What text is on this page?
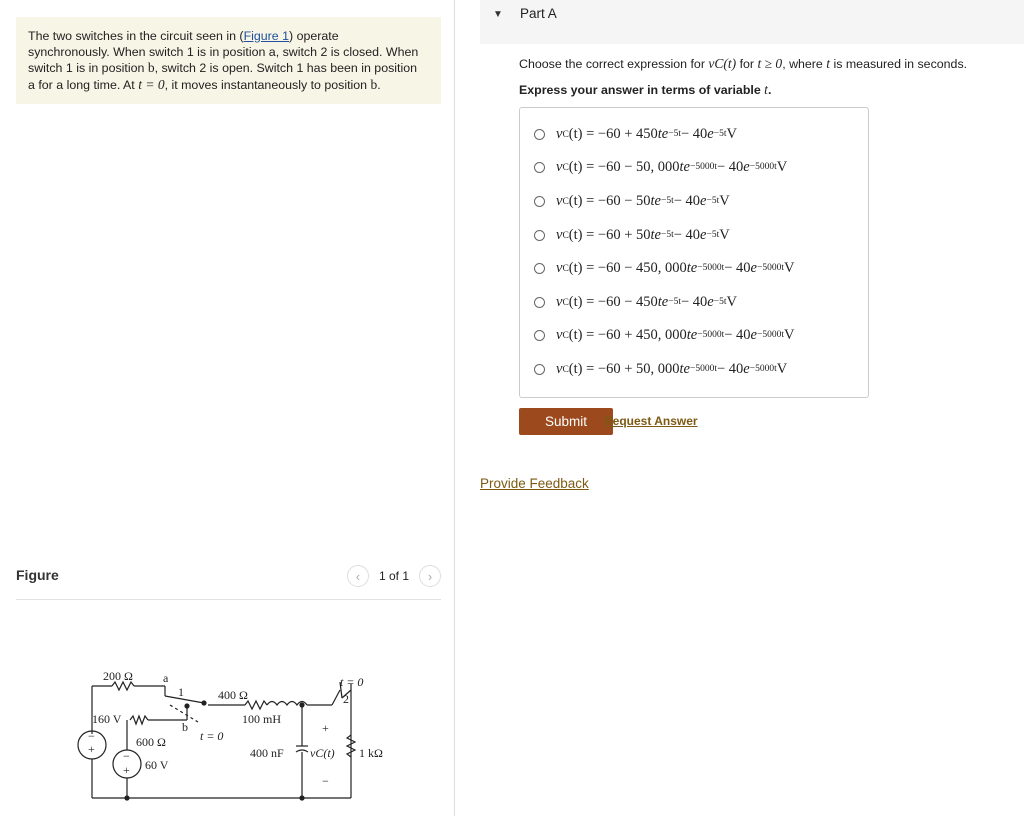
The two switches in the circuit seen in (Figure 1) operate
synchronously. When switch 1 is in position a, switch 2 is closed. When
switch 1 is in position b, switch 2 is open. Switch 1 has been in position
a for a long time. At t = 0, it moves instantaneously to position b.
Figure	‹	1 of 1	›
200 Ω	a
1	400 Ω
t = 0
2
160 V
b
100 mH
+
600 Ω	t = 0
−
+ −
+ 60 V
400 nF vC(t) 1 kΩ
−
▼ Part A
Choose the correct expression for vC(t) for t ≥ 0, where t is measured in seconds.
Express your answer in terms of variable t.
v C (t) = −60 + 450 $te^{-5t} - 40$ $e^{-5t}$ V
v C (t) = −60 − 50, 000 $te^{-5000t} - 40$ $e^{-5000t}$ V
v C (t) = −60 − 50 $te^{-5t} - 40$ $e^{-5t}$ V
v C (t) = −60 + 50 $te^{-5t} - 40$ $e^{-5t}$ V
v C (t) = −60 − 450, 000 $te^{-5000t} - 40$ $e^{-5000t}$ V
v C (t) = −60 − 450 $te^{-5t} - 40$ $e^{-5t}$ V
v C (t) = −60 + 450, 000 $te^{-5000t} - 40$ $e^{-5000t}$ V
v C (t) = −60 + 50, 000 $te^{-5000t} - 40$ $e^{-5000t}$ V
Submit	Request Answer
Provide Feedback
